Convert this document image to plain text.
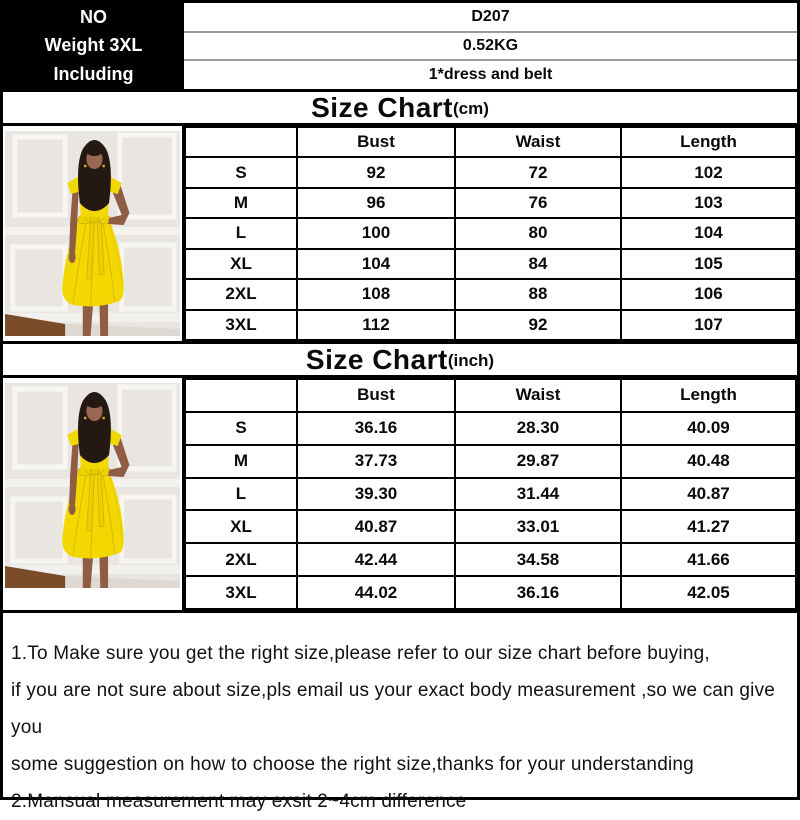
NO	D207
Weight 3XL	0.52KG
Including	1*dress and belt
Size Chart (cm)
	Bust	Waist	Length
S	92	72	102
M	96	76	103
L	100	80	104
XL	104	84	105
2XL	108	88	106
3XL	112	92	107
Size Chart (inch)
	Bust	Waist	Length
S	36.16	28.30	40.09
M	37.73	29.87	40.48
L	39.30	31.44	40.87
XL	40.87	33.01	41.27
2XL	42.44	34.58	41.66
3XL	44.02	36.16	42.05
1.To Make sure you get the right size,please refer to our size chart before buying,
if you are not sure about size,pls email us your exact body measurement ,so we can give you
some suggestion on how to choose the right size,thanks for your understanding
2.Mansual measurement may exsit 2~4cm difference
